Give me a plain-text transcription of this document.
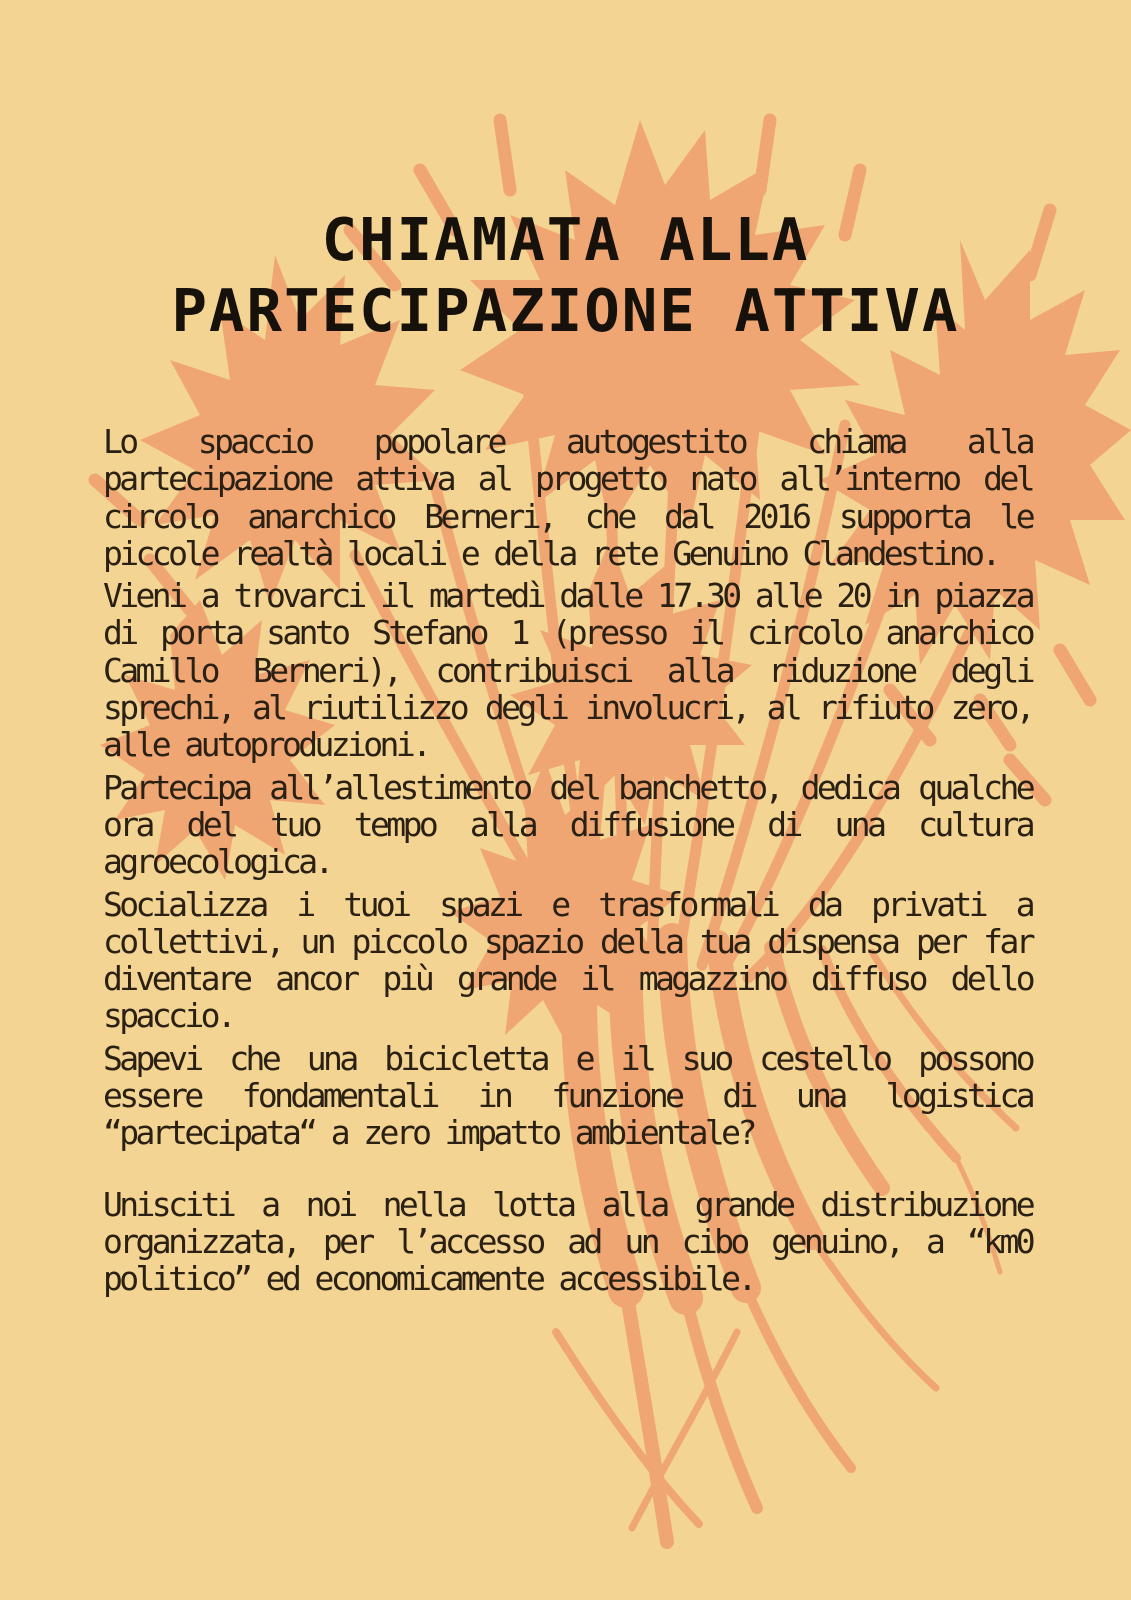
CHIAMATA ALLA
PARTECIPAZIONE ATTIVA

Lo spaccio popolare autogestito chiama alla partecipazione attiva al progetto nato all’interno del circolo anarchico Berneri, che dal 2016 supporta le piccole realtà locali e della rete Genuino Clandestino.

Vieni a trovarci il martedì dalle 17.30 alle 20 in piazza di porta santo Stefano 1 (presso il circolo anarchico Camillo Berneri), contribuisci alla riduzione degli sprechi, al riutilizzo degli involucri, al rifiuto zero, alle autoproduzioni.

Partecipa all’allestimento del banchetto, dedica qualche ora del tuo tempo alla diffusione di una cultura agroecologica.

Socializza i tuoi spazi e trasformali da privati a collettivi, un piccolo spazio della tua dispensa per far diventare ancor più grande il magazzino diffuso dello spaccio.

Sapevi che una bicicletta e il suo cestello possono essere fondamentali in funzione di una logistica “partecipata“ a zero impatto ambientale?

Unisciti a noi nella lotta alla grande distribuzione organizzata, per l’accesso ad un cibo genuino, a “km0 politico” ed economicamente accessibile.
